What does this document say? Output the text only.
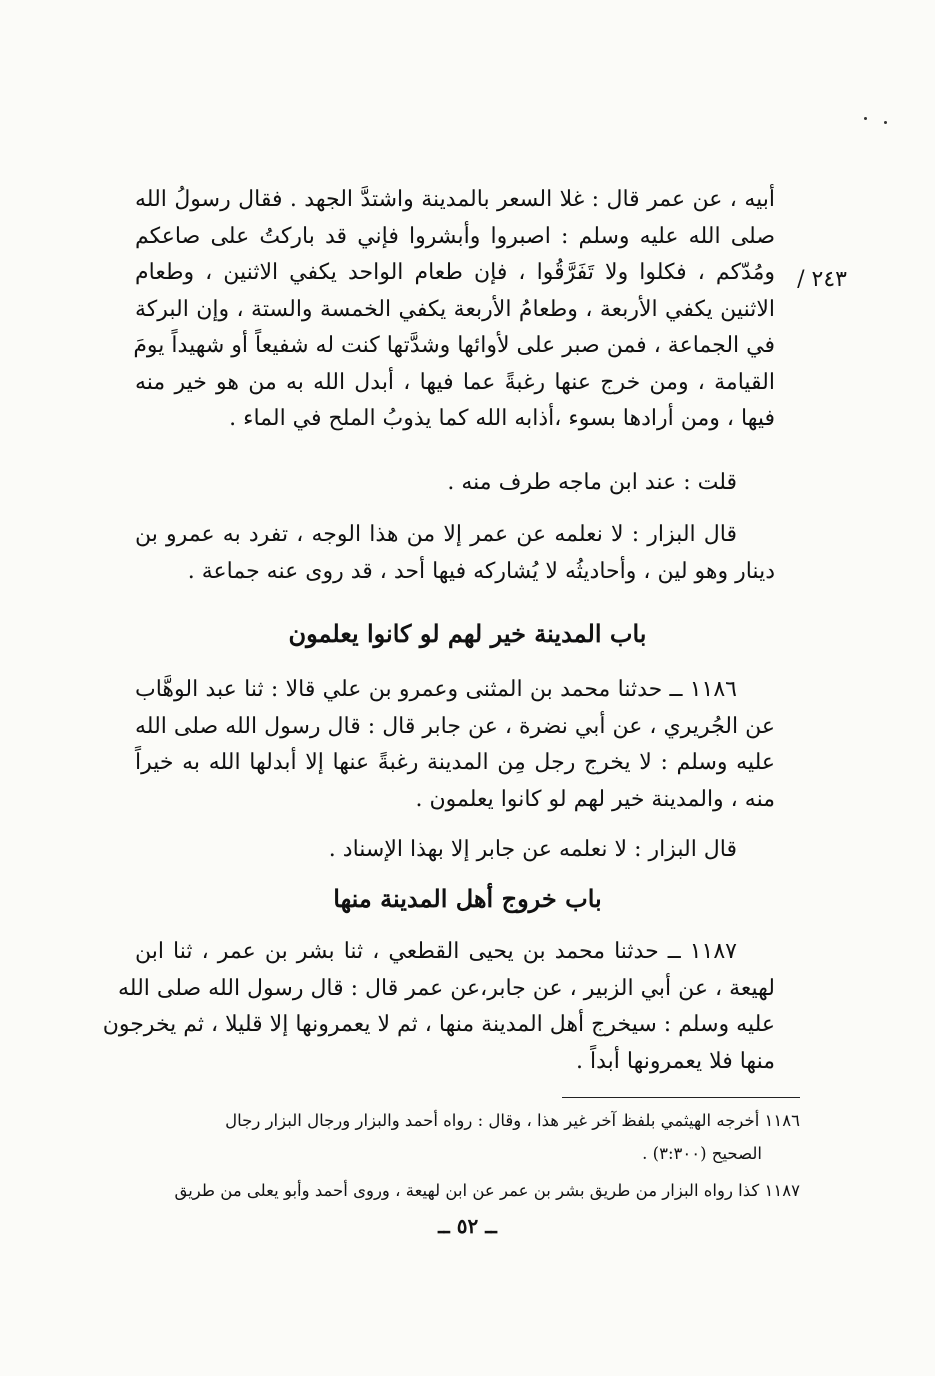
٢٤٣ /
أبيه ، عن عمر قال : غلا السعر بالمدينة واشتدَّ الجهد . فقال رسولُ الله
صلى الله عليه وسلم : اصبروا وأبشروا فإني قد باركتُ على صاعكم
ومُدّكم ، فكلوا ولا تَفَرَّقُوا ، فإن طعام الواحد يكفي الاثنين ، وطعام
الاثنين يكفي الأربعة ، وطعامُ الأربعة يكفي الخمسة والستة ، وإن البركة
في الجماعة ، فمن صبر على لأوائها وشدَّتها كنت له شفيعاً أو شهيداً يومَ
القيامة ، ومن خرج عنها رغبةً عما فيها ، أبدل الله به من هو خير منه
فيها ، ومن أرادها بسوء ،أذابه الله كما يذوبُ الملح في الماء .
قلت : عند ابن ماجه طرف منه .
قال البزار : لا نعلمه عن عمر إلا من هذا الوجه ، تفرد به عمرو بن
دينار وهو لين ، وأحاديثُه لا يُشاركه فيها أحد ، قد روى عنه جماعة .
باب المدينة خير لهم لو كانوا يعلمون
١١٨٦ ــ حدثنا محمد بن المثنى وعمرو بن علي قالا : ثنا عبد الوهَّاب
عن الجُريري ، عن أبي نضرة ، عن جابر قال : قال رسول الله صلى الله
عليه وسلم : لا يخرج رجل مِن المدينة رغبةً عنها إلا أبدلها الله به خيراً
منه ، والمدينة خير لهم لو كانوا يعلمون .
قال البزار : لا نعلمه عن جابر إلا بهذا الإسناد .
باب خروج أهل المدينة منها
١١٨٧ ــ حدثنا محمد بن يحيى القطعي ، ثنا بشر بن عمر ، ثنا ابن
لهيعة ، عن أبي الزبير ، عن جابر،عن عمر قال : قال رسول الله صلى الله
عليه وسلم : سيخرج أهل المدينة منها ، ثم لا يعمرونها إلا قليلا ، ثم يخرجون
منها فلا يعمرونها أبداً .
١١٨٦ أخرجه الهيثمي بلفظ آخر غير هذا ، وقال : رواه أحمد والبزار ورجال البزار رجال
الصحيح (٣:٣٠٠) .
١١٨٧ كذا رواه البزار من طريق بشر بن عمر عن ابن لهيعة ، وروى أحمد وأبو يعلى من طريق
ــ ٥٢ ــ
